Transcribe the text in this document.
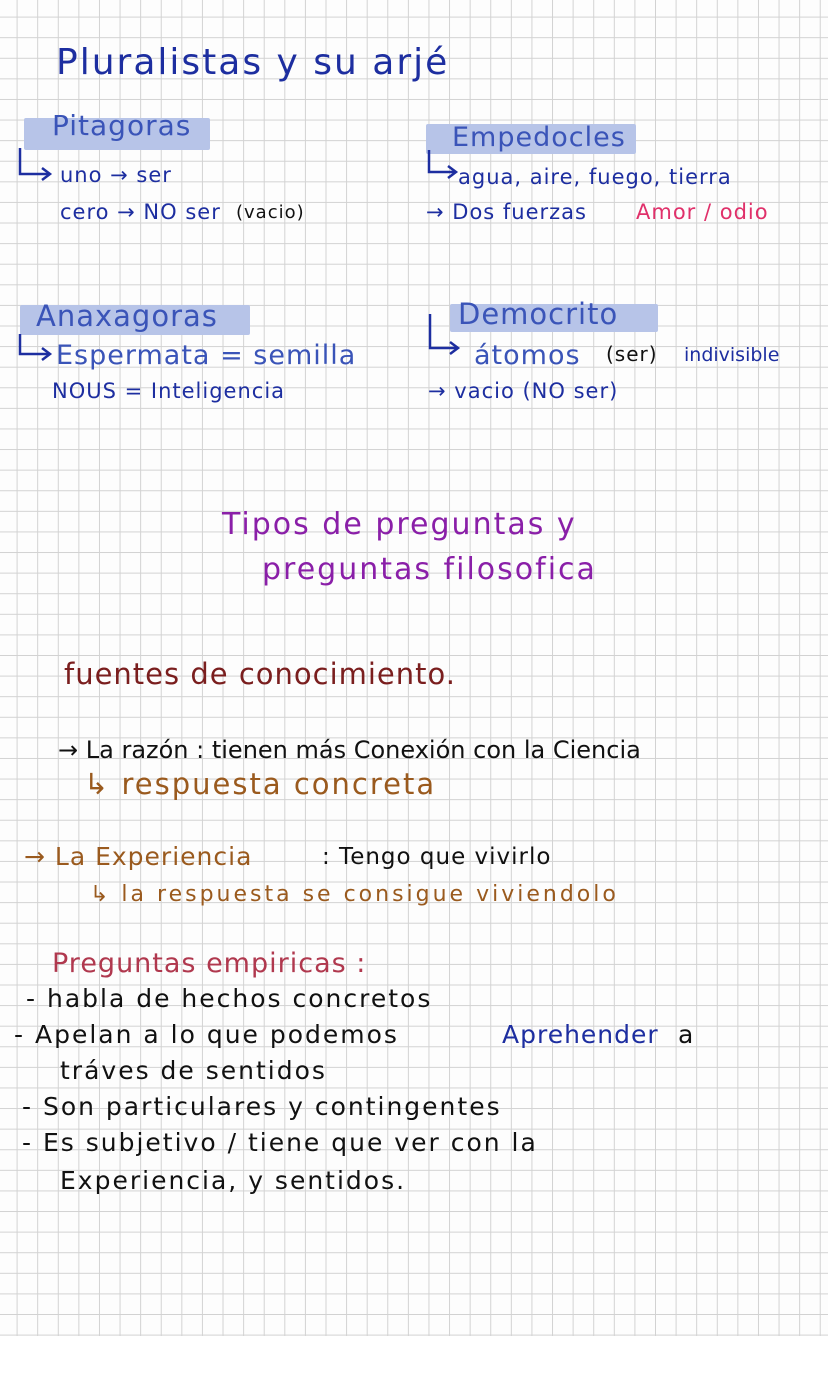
Pluralistas y su arjé
Pitagoras
uno → ser
cero → NO ser (vacio)
Empedocles
agua, aire, fuego, tierra
→ Dos fuerzas Amor / odio
Anaxagoras
Espermata = semilla
NOUS = Inteligencia
Democrito
átomos (ser) indivisible
→ vacio (NO ser)
Tipos de preguntas y
preguntas filosofica
fuentes de conocimiento.
→ La razón : tienen más Conexión con la Ciencia
↳ respuesta concreta
→ La Experiencia	: Tengo que vivirlo
↳ la respuesta se consigue viviendolo
Preguntas empiricas :
- habla de hechos concretos
- Apelan a lo que podemos	Aprehender a
tráves de sentidos
- Son particulares y contingentes
- Es subjetivo / tiene que ver con la
Experiencia, y sentidos.
